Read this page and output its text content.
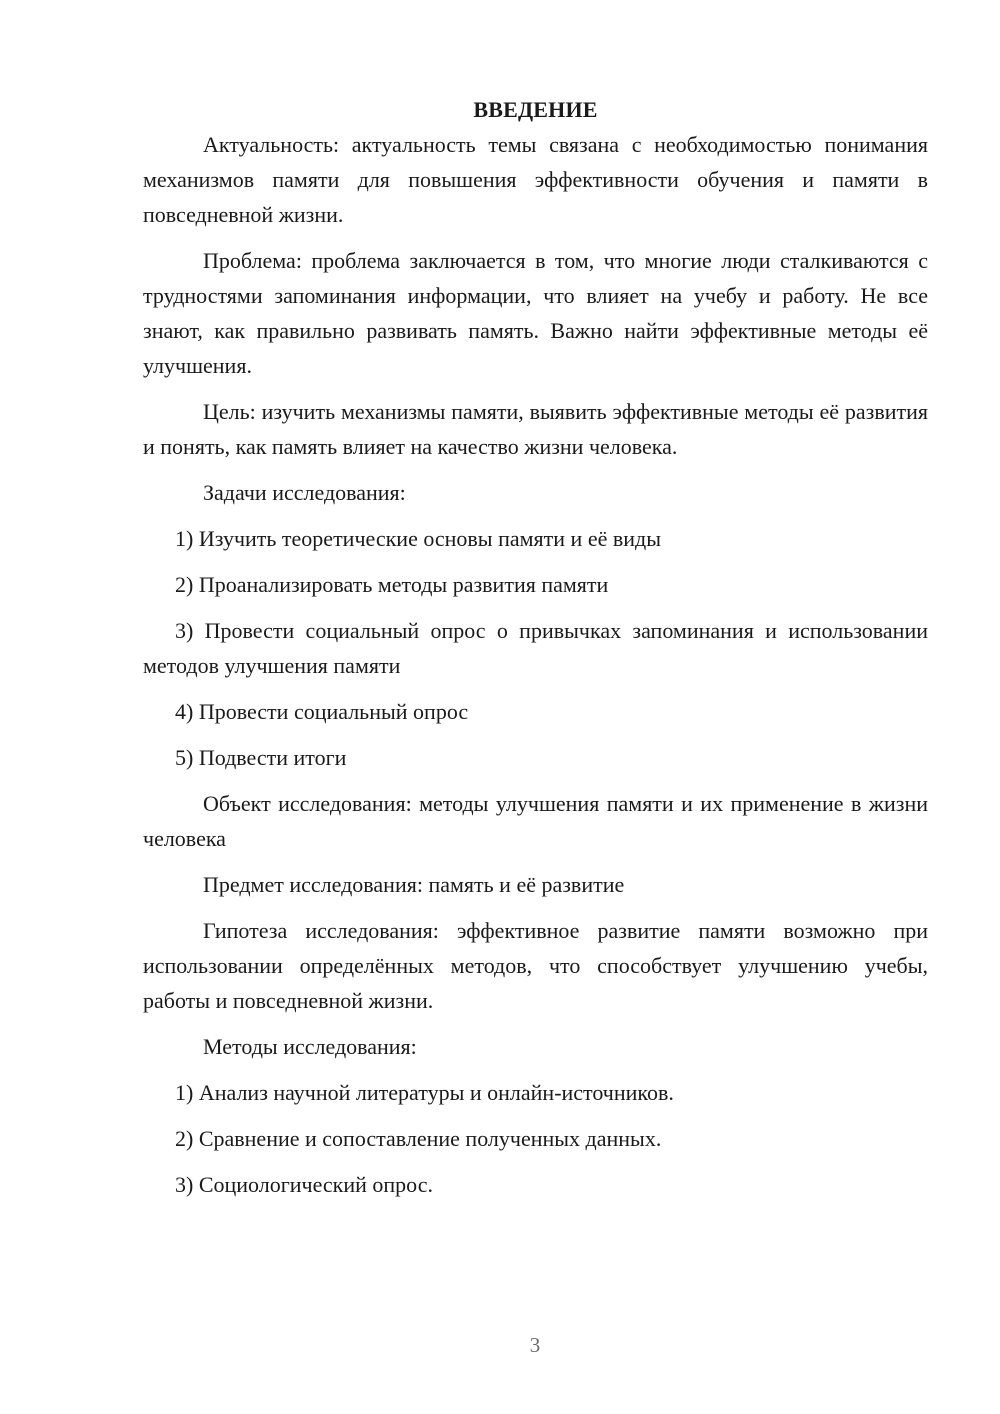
ВВЕДЕНИЕ

Актуальность: актуальность темы связана с необходимостью понимания механизмов памяти для повышения эффективности обучения и памяти в повседневной жизни.

Проблема: проблема заключается в том, что многие люди сталкиваются с трудностями запоминания информации, что влияет на учебу и работу. Не все знают, как правильно развивать память. Важно найти эффективные методы её улучшения.

Цель: изучить механизмы памяти, выявить эффективные методы её развития и понять, как память влияет на качество жизни человека.

Задачи исследования:

1) Изучить теоретические основы памяти и её виды

2) Проанализировать методы развития памяти

3) Провести социальный опрос о привычках запоминания и использовании методов улучшения памяти

4) Провести социальный опрос

5) Подвести итоги

Объект исследования: методы улучшения памяти и их применение в жизни человека

Предмет исследования: память и её развитие

Гипотеза исследования: эффективное развитие памяти возможно при использовании определённых методов, что способствует улучшению учебы, работы и повседневной жизни.

Методы исследования:

1) Анализ научной литературы и онлайн-источников.

2) Сравнение и сопоставление полученных данных.

3) Социологический опрос.

3
